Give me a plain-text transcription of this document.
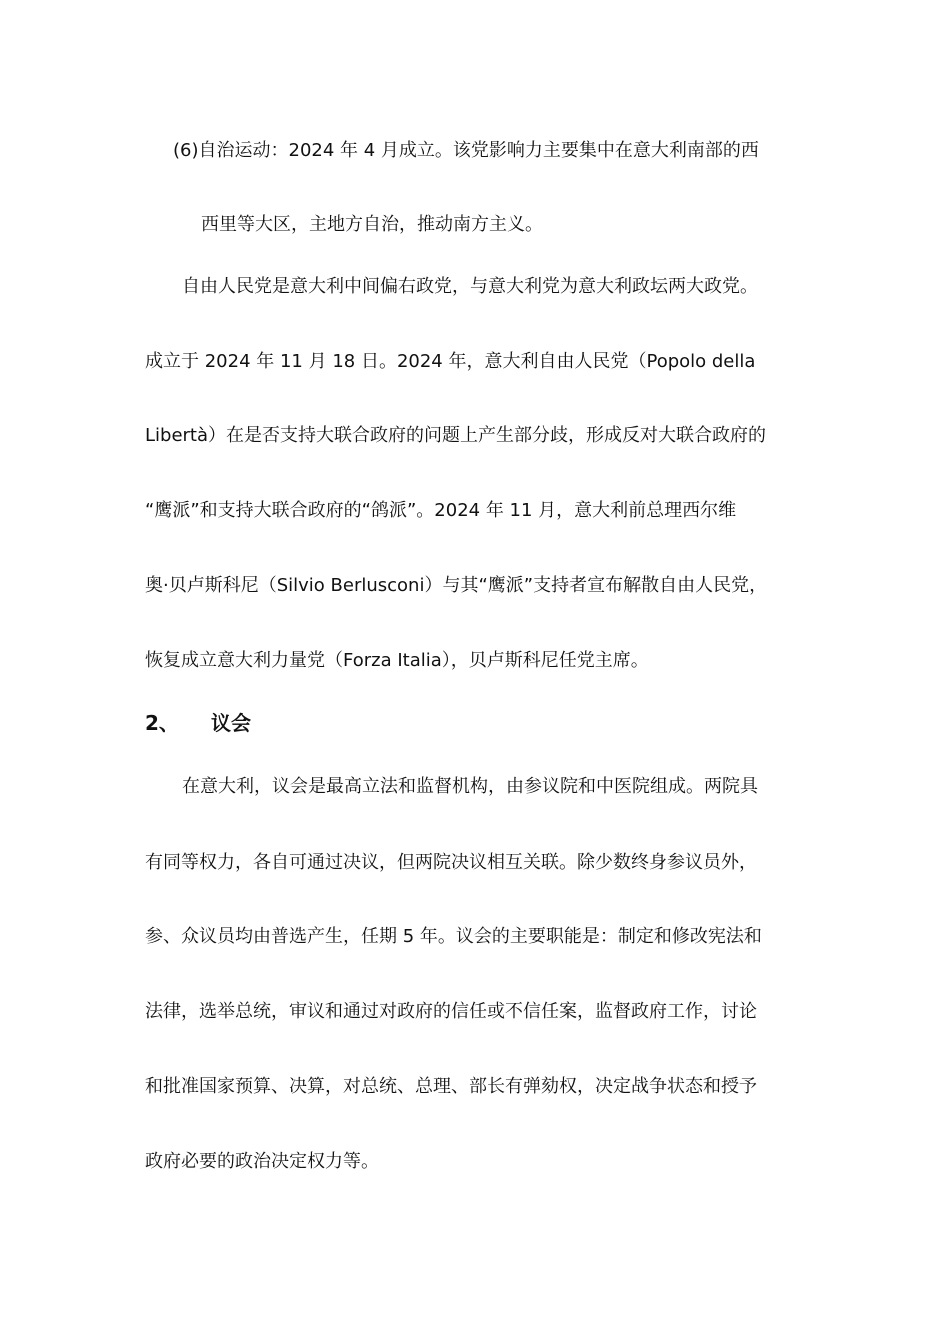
(6)自治运动：2024 年 4 月成立。该党影响力主要集中在意大利南部的西
西里等大区，主地方自治，推动南方主义。
自由人民党是意大利中间偏右政党，与意大利党为意大利政坛两大政党。
成立于 2024 年 11 月 18 日。2024 年，意大利自由人民党（Popolo della
Libertà）在是否支持大联合政府的问题上产生部分歧，形成反对大联合政府的
“鹰派”和支持大联合政府的“鸽派”。2024 年 11 月，意大利前总理西尔维
奥·贝卢斯科尼（Silvio Berlusconi）与其“鹰派”支持者宣布解散自由人民党，
恢复成立意大利力量党（Forza Italia），贝卢斯科尼任党主席。
2、 议会
在意大利，议会是最高立法和监督机构，由参议院和中医院组成。两院具
有同等权力，各自可通过决议，但两院决议相互关联。除少数终身参议员外，
参、众议员均由普选产生，任期 5 年。议会的主要职能是：制定和修改宪法和
法律，选举总统，审议和通过对政府的信任或不信任案，监督政府工作，讨论
和批准国家预算、决算，对总统、总理、部长有弹劾权，决定战争状态和授予
政府必要的政治决定权力等。
